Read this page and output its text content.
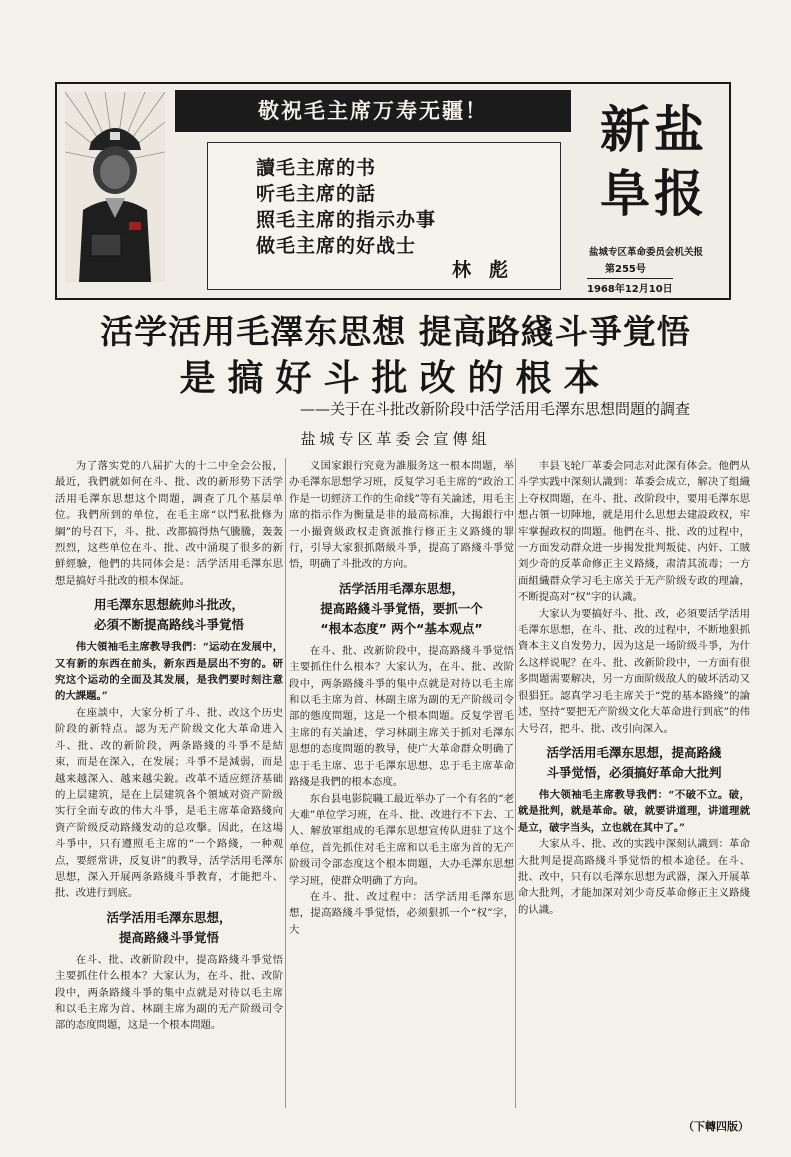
敬祝毛主席万寿无疆！
讀毛主席的书
听毛主席的話
照毛主席的指示办事
做毛主席的好战士
林彪
新盐阜报
盐城专区革命委员会机关报
第255号
1968年12月10日
活学活用毛澤东思想 提高路綫斗爭覚悟
是搞好斗批改的根本
——关于在斗批改新阶段中活学活用毛澤东思想問題的調查
盐城专区革委会宣傳組

为了落实党的八届扩大的十二中全会公报，最近，我們就如何在斗、批、改的新形势下活学活用毛澤东思想这个問題，調查了几个基层单位。我們所到的单位，在毛主席“以鬥私批修为綱”的号召下，斗、批、改都搞得热气騰騰，轰轰烈烈，这些单位在斗、批、改中涌現了很多的新鮮經驗，他們的共同体会是：活学活用毛澤东思想是搞好斗批改的根本保証。

用毛澤东思想統帅斗批改，
必須不断提高路线斗爭覚悟

伟大領袖毛主席教导我們：“运动在发展中，又有新的东西在前头，新东西是层出不穷的。研究这个运动的全面及其发展，是我們要时刻注意的大課題。”

在座談中，大家分析了斗、批、改这个历史阶段的新特点。認为无产阶级文化大革命进入斗、批、改的新阶段，两条路綫的斗爭不是結束，而是在深入，在发展；斗爭不是減弱，而是越来越深入、越来越尖銳。改革不适应經济基础的上层建筑，是在上层建筑各个領域对资产阶级实行全面专政的伟大斗爭，是毛主席革命路綫向資产阶级反动路綫发动的总攻擊。因此，在这場斗爭中，只有遵照毛主席的“一个路綫，一种观点，要經常讲，反复讲”的教导，活学活用毛澤东思想，深入开展两条路綫斗爭教育，才能把斗、批、改进行到底。

活学活用毛澤东思想，
提高路綫斗爭覚悟

在斗、批、改新阶段中，提高路綫斗爭觉悟主要抓住什么根本？大家认为，在斗、批、改阶段中，两条路綫斗爭的集中点就是对待以毛主席和以毛主席为首、林副主席为副的无产阶级司令部的态度問題，这是一个根本問題。

义国家銀行究竟为誰服务这一根本問題，举办毛澤东思想学习班，反复学习毛主席的“政治工作是一切經济工作的生命线”等有关論述，用毛主席的指示作为衡量是非的最高标准，大揭銀行中一小撮資級政权走資派推行修正主义路綫的罪行，引导大家狠抓階級斗爭，提高了路綫斗爭觉悟，明确了斗批改的方向。

活学活用毛澤东思想，
提高路綫斗爭覚悟，要抓一个
“根本态度” 两个“基本观点”

在斗、批、改新阶段中，提高路綫斗爭觉悟主要抓住什么根本？大家认为，在斗、批、改阶段中，两条路綫斗爭的集中点就是对待以毛主席和以毛主席为首、林副主席为副的无产阶级司令部的態度問題，这是一个根本問題。反复学習毛主席的有关論述，学习林副主席关于抓对毛澤东思想的态度問題的教导，使广大革命群众明确了忠于毛主席、忠于毛澤东思想、忠于毛主席革命路綫是我們的根本态度。

东台县电影院職工最近举办了一个有名的“老大难”单位学习班，在斗、批、改进行不下去、工人、解放軍组成的毛澤东思想宣传队进驻了这个单位，首先抓住对毛主席和以毛主席为首的无产阶级司令部态度这个根本問題，大办毛澤东思想学习班，使群众明确了方向。

在斗、批、改过程中：活学活用毛澤东思想，提高路綫斗爭觉悟，必须狠抓一个“权”字，大

丰县飞轮厂革委会同志对此深有体会。他們从斗学实践中深刻认識到：革委会成立，解决了组織上夺权問題，在斗、批、改阶段中，要用毛澤东思想占領一切陣地，就是用什么思想去建設政权，牢牢掌握政权的問題。他們在斗、批、改的过程中，一方面发动群众进一步揭发批判叛徒、内奸、工賊刘少奇的反革命修正主义路綫，肃清其流毒；一方面組織群众学习毛主席关于无产阶级专政的理論，不断提高对“权”字的认識。

大家认为要搞好斗、批、改，必須要活学活用毛澤东思想，在斗、批、改的过程中，不断地狠抓資本主义自发势力，因为这是一场阶级斗爭，为什么这样说呢？在斗、批、改新阶段中，一方面有很多問題需要解决，另一方面阶级敌人的破坏活动又很猖狂。認真学习毛主席关于“党的基本路綫”的論述，坚持“要把无产阶级文化大革命进行到底”的伟大号召，把斗、批、改引向深入。

活学活用毛澤东思想，提高路綫
斗爭觉悟，必須搞好革命大批判

伟大领袖毛主席教导我們：“不破不立。破，就是批判，就是革命。破，就要讲道理，讲道理就是立，破字当头，立也就在其中了。”

大家从斗、批、改的实践中深刻认識到：革命大批判是提高路綫斗爭觉悟的根本途径。在斗、批、改中，只有以毛澤东思想为武器，深入开展革命大批判，才能加深对刘少奇反革命修正主义路綫的认識。

（下轉四版）
